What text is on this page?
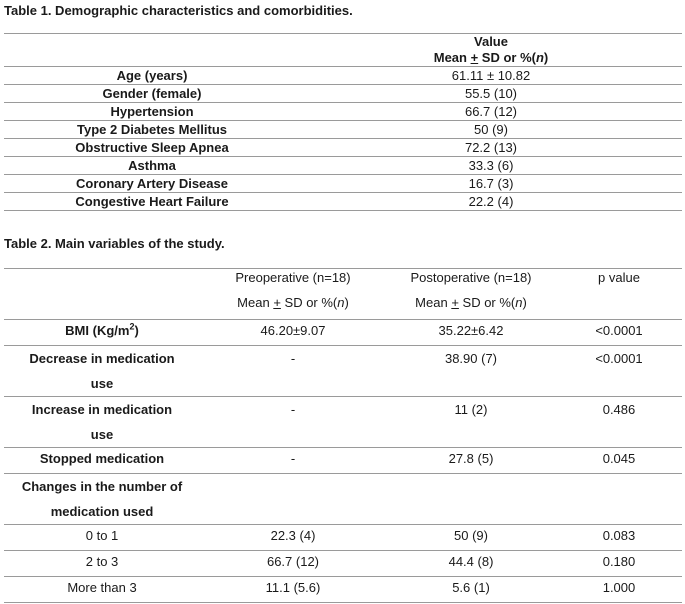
Table 1. Demographic characteristics and comorbidities.

	Value
	Mean + SD or %(n)
Age (years)	61.11 ± 10.82
Gender (female)	55.5 (10)
Hypertension	66.7 (12)
Type 2 Diabetes Mellitus	50 (9)
Obstructive Sleep Apnea	72.2 (13)
Asthma	33.3 (6)
Coronary Artery Disease	16.7 (3)
Congestive Heart Failure	22.2 (4)

Table 2. Main variables of the study.

	Preoperative (n=18)	Postoperative (n=18)	p value
	Mean + SD or %(n)	Mean + SD or %(n)	
BMI $(Kg/m^2)$	46.20±9.07	35.22±6.42	<0.0001
Decrease in medication
use	-	38.90 (7)	<0.0001
Increase in medication
use	-	11 (2)	0.486
Stopped medication	-	27.8 (5)	0.045
Changes in the number of
medication used			
0 to 1	22.3 (4)	50 (9)	0.083
2 to 3	66.7 (12)	44.4 (8)	0.180
More than 3	11.1 (5.6)	5.6 (1)	1.000
